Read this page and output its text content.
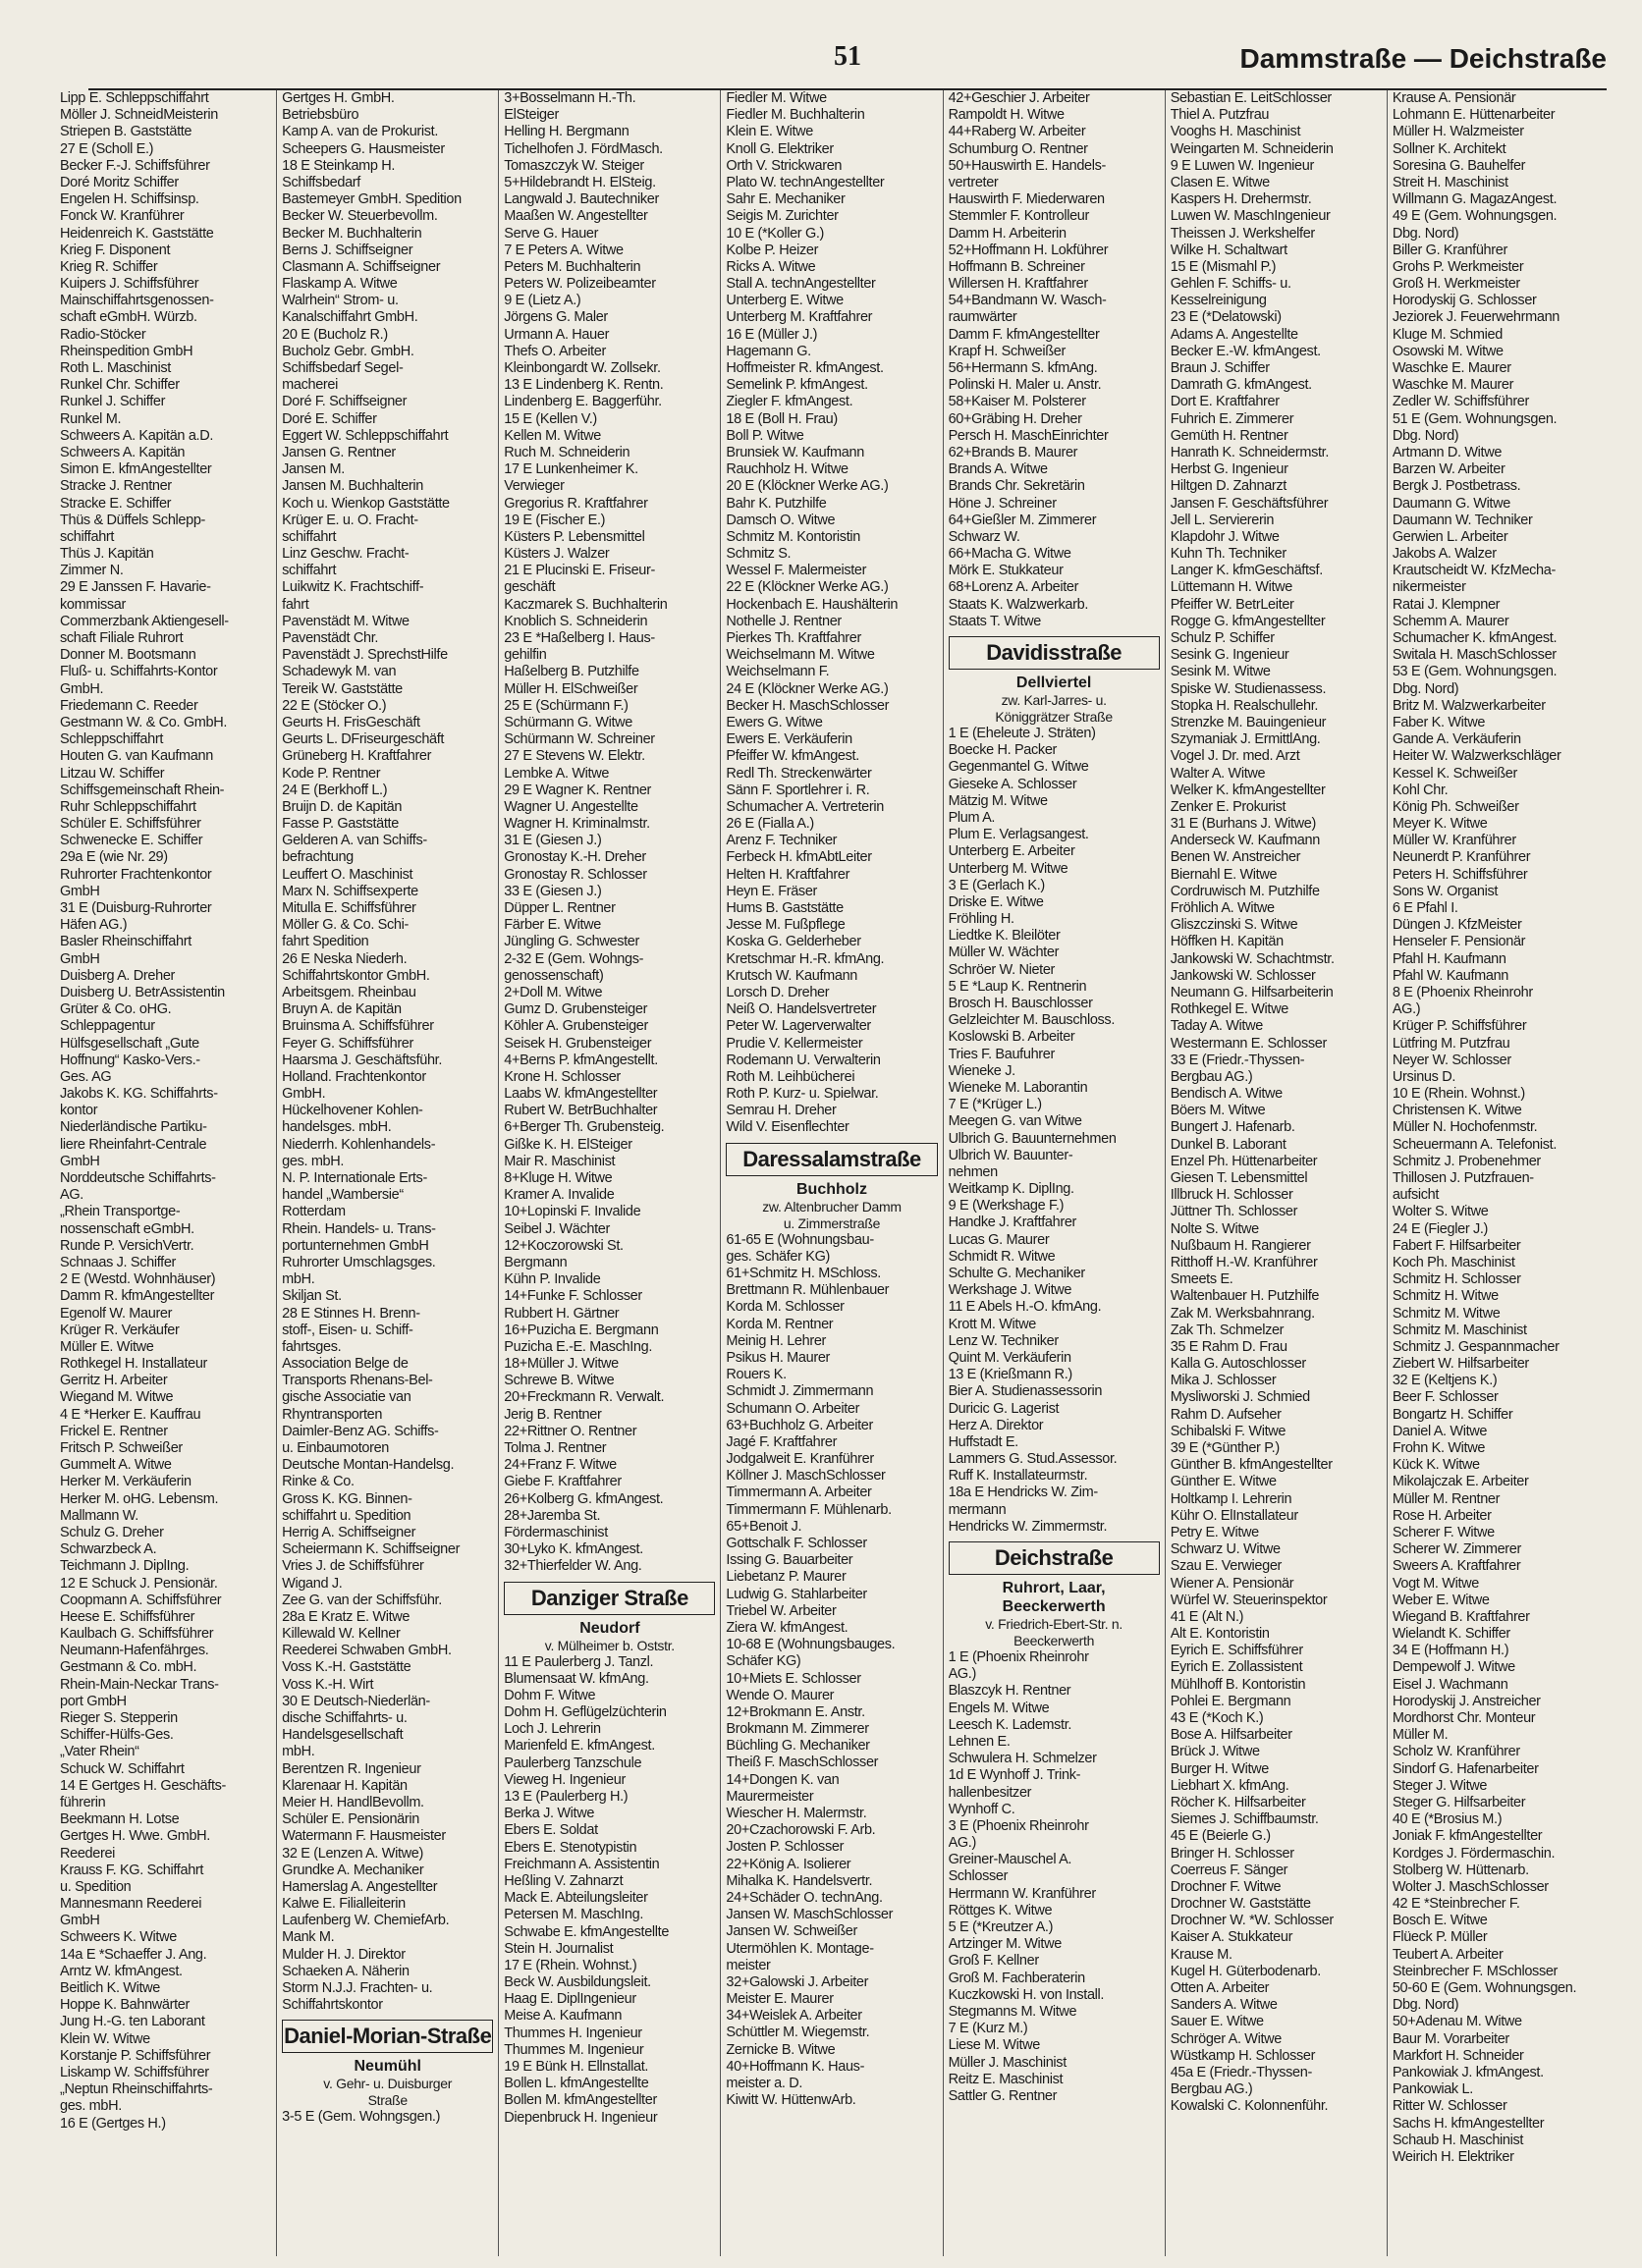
51	Dammstraße — Deichstraße
Lipp E. Schleppschiffahrt
Möller J. SchneidMeisterin
Striepen B. Gaststätte
27 E (Scholl E.)
Becker F.-J. Schiffsführer
Doré Moritz Schiffer
Engelen H. Schiffsinsp.
Fonck W. Kranführer
Heidenreich K. Gaststätte
Krieg F. Disponent
Krieg R. Schiffer
Kuipers J. Schiffsführer
Mainschiffahrtsgenossen-
schaft eGmbH. Würzb.
Radio-Stöcker
Rheinspedition GmbH
Roth L. Maschinist
Runkel Chr. Schiffer
Runkel J. Schiffer
Runkel M.
Schweers A. Kapitän a.D.
Schweers A. Kapitän
Simon E. kfmAngestellter
Stracke J. Rentner
Stracke E. Schiffer
Thüs & Düffels Schlepp-
schiffahrt
Thüs J. Kapitän
Zimmer N.
29 E Janssen F. Havarie-
kommissar
Commerzbank Aktiengesell-
schaft Filiale Ruhrort
Donner M. Bootsmann
Fluß- u. Schiffahrts-Kontor
GmbH.
Friedemann C. Reeder
Gestmann W. & Co. GmbH.
Schleppschiffahrt
Houten G. van Kaufmann
Litzau W. Schiffer
Schiffsgemeinschaft Rhein-
Ruhr Schleppschiffahrt
Schüler E. Schiffsführer
Schwenecke E. Schiffer
29a E (wie Nr. 29)
Ruhrorter Frachtenkontor
GmbH
31 E (Duisburg-Ruhrorter
Häfen AG.)
Basler Rheinschiffahrt
GmbH
Duisberg A. Dreher
Duisberg U. BetrAssistentin
Grüter & Co. oHG.
Schleppagentur
Hülfsgesellschaft „Gute
Hoffnung“ Kasko-Vers.-
Ges. AG
Jakobs K. KG. Schiffahrts-
kontor
Niederländische Partiku-
liere Rheinfahrt-Centrale
GmbH
Norddeutsche Schiffahrts-
AG.
„Rhein Transportge-
nossenschaft eGmbH.
Runde P. VersichVertr.
Schnaas J. Schiffer
2 E (Westd. Wohnhäuser)
Damm R. kfmAngestellter
Egenolf W. Maurer
Krüger R. Verkäufer
Müller E. Witwe
Rothkegel H. Installateur
Gerritz H. Arbeiter
Wiegand M. Witwe
4 E *Herker E. Kauffrau
Frickel E. Rentner
Fritsch P. Schweißer
Gummelt A. Witwe
Herker M. Verkäuferin
Herker M. oHG. Lebensm.
Mallmann W.
Schulz G. Dreher
Schwarzbeck A.
Teichmann J. DiplIng.
12 E Schuck J. Pensionär.
Coopmann A. Schiffsführer
Heese E. Schiffsführer
Kaulbach G. Schiffsführer
Neumann-Hafenfährges.
Gestmann & Co. mbH.
Rhein-Main-Neckar Trans-
port GmbH
Rieger S. Stepperin
Schiffer-Hülfs-Ges.
„Vater Rhein“
Schuck W. Schiffahrt
14 E Gertges H. Geschäfts-
führerin
Beekmann H. Lotse
Gertges H. Wwe. GmbH.
Reederei
Krauss F. KG. Schiffahrt
u. Spedition
Mannesmann Reederei
GmbH
Schweers K. Witwe
14a E *Schaeffer J. Ang.
Arntz W. kfmAngest.
Beitlich K. Witwe
Hoppe K. Bahnwärter
Jung H.-G. ten Laborant
Klein W. Witwe
Korstanje P. Schiffsführer
Liskamp W. Schiffsführer
„Neptun Rheinschiffahrts-
ges. mbH.
16 E (Gertges H.)
Gertges H. GmbH.
Betriebsbüro
Kamp A. van de Prokurist.
Scheepers G. Hausmeister
18 E Steinkamp H.
Schiffsbedarf
Bastemeyer GmbH. Spedition
Becker W. Steuerbevollm.
Becker M. Buchhalterin
Berns J. Schiffseigner
Clasmann A. Schiffseigner
Flaskamp A. Witwe
Walrhein“ Strom- u.
Kanalschiffahrt GmbH.
20 E (Bucholz R.)
Bucholz Gebr. GmbH.
Schiffsbedarf Segel-
macherei
Doré F. Schiffseigner
Doré E. Schiffer
Eggert W. Schleppschiffahrt
Jansen G. Rentner
Jansen M.
Jansen M. Buchhalterin
Koch u. Wienkop Gaststätte
Krüger E. u. O. Fracht-
schiffahrt
Linz Geschw. Fracht-
schiffahrt
Luikwitz K. Frachtschiff-
fahrt
Pavenstädt M. Witwe
Pavenstädt Chr.
Pavenstädt J. SprechstHilfe
Schadewyk M. van
Tereik W. Gaststätte
22 E (Stöcker O.)
Geurts H. FrisGeschäft
Geurts L. DFriseurgeschäft
Grüneberg H. Kraftfahrer
Kode P. Rentner
24 E (Berkhoff L.)
Bruijn D. de Kapitän
Fasse P. Gaststätte
Gelderen A. van Schiffs-
befrachtung
Leuffert O. Maschinist
Marx N. Schiffsexperte
Mitulla E. Schiffsführer
Möller G. & Co. Schi-
fahrt Spedition
26 E Neska Niederh.
Schiffahrtskontor GmbH.
Arbeitsgem. Rheinbau
Bruyn A. de Kapitän
Bruinsma A. Schiffsführer
Feyer G. Schiffsführer
Haarsma J. Geschäftsführ.
Holland. Frachtenkontor
GmbH.
Hückelhovener Kohlen-
handelsges. mbH.
Niederrh. Kohlenhandels-
ges. mbH.
N. P. Internationale Erts-
handel „Wambersie“
Rotterdam
Rhein. Handels- u. Trans-
portunternehmen GmbH
Ruhrorter Umschlagsges.
mbH.
Skiljan St.
28 E Stinnes H. Brenn-
stoff-, Eisen- u. Schiff-
fahrtsges.
Association Belge de
Transports Rhenans-Bel-
gische Associatie van
Rhyntransporten
Daimler-Benz AG. Schiffs-
u. Einbaumotoren
Deutsche Montan-Handelsg.
Rinke & Co.
Gross K. KG. Binnen-
schiffahrt u. Spedition
Herrig A. Schiffseigner
Scheiermann K. Schiffseigner
Vries J. de Schiffsführer
Wigand J.
Zee G. van der Schiffsführ.
28a E Kratz E. Witwe
Killewald W. Kellner
Reederei Schwaben GmbH.
Voss K.-H. Gaststätte
Voss K.-H. Wirt
30 E Deutsch-Niederlän-
dische Schiffahrts- u.
Handelsgesellschaft
mbH.
Berentzen R. Ingenieur
Klarenaar H. Kapitän
Meier H. HandlBevollm.
Schüler E. Pensionärin
Watermann F. Hausmeister
32 E (Lenzen A. Witwe)
Grundke A. Mechaniker
Hamerslag A. Angestellter
Kalwe E. Filialleiterin
Laufenberg W. ChemiefArb.
Mank M.
Mulder H. J. Direktor
Schaeken A. Näherin
Storm N.J.J. Frachten- u.
Schiffahrtskontor
Daniel-Morian-Straße
Neumühl
v. Gehr- u. Duisburger
Straße
3-5 E (Gem. Wohngsgen.)
3+Bosselmann H.-Th.
ElSteiger
Helling H. Bergmann
Tichelhofen J. FördMasch.
Tomaszczyk W. Steiger
5+Hildebrandt H. ElSteig.
Langwald J. Bautechniker
Maaßen W. Angestellter
Serve G. Hauer
7 E Peters A. Witwe
Peters M. Buchhalterin
Peters W. Polizeibeamter
9 E (Lietz A.)
Jörgens G. Maler
Urmann A. Hauer
Thefs O. Arbeiter
Kleinbongardt W. Zollsekr.
13 E Lindenberg K. Rentn.
Lindenberg E. Baggerführ.
15 E (Kellen V.)
Kellen M. Witwe
Ruch M. Schneiderin
17 E Lunkenheimer K.
Verwieger
Gregorius R. Kraftfahrer
19 E (Fischer E.)
Küsters P. Lebensmittel
Küsters J. Walzer
21 E Plucinski E. Friseur-
geschäft
Kaczmarek S. Buchhalterin
Knoblich S. Schneiderin
23 E *Haßelberg I. Haus-
gehilfin
Haßelberg B. Putzhilfe
Müller H. ElSchweißer
25 E (Schürmann F.)
Schürmann G. Witwe
Schürmann W. Schreiner
27 E Stevens W. Elektr.
Lembke A. Witwe
29 E Wagner K. Rentner
Wagner U. Angestellte
Wagner H. Kriminalmstr.
31 E (Giesen J.)
Gronostay K.-H. Dreher
Gronostay R. Schlosser
33 E (Giesen J.)
Düpper L. Rentner
Färber E. Witwe
Jüngling G. Schwester
2-32 E (Gem. Wohngs-
genossenschaft)
2+Doll M. Witwe
Gumz D. Grubensteiger
Köhler A. Grubensteiger
Seisek H. Grubensteiger
4+Berns P. kfmAngestellt.
Krone H. Schlosser
Laabs W. kfmAngestellter
Rubert W. BetrBuchhalter
6+Berger Th. Grubensteig.
Gißke K. H. ElSteiger
Mair R. Maschinist
8+Kluge H. Witwe
Kramer A. Invalide
10+Lopinski F. Invalide
Seibel J. Wächter
12+Koczorowski St.
Bergmann
Kühn P. Invalide
14+Funke F. Schlosser
Rubbert H. Gärtner
16+Puzicha E. Bergmann
Puzicha E.-E. MaschIng.
18+Müller J. Witwe
Schrewe B. Witwe
20+Freckmann R. Verwalt.
Jerig B. Rentner
22+Rittner O. Rentner
Tolma J. Rentner
24+Franz F. Witwe
Giebe F. Kraftfahrer
26+Kolberg G. kfmAngest.
28+Jaremba St.
Fördermaschinist
30+Lyko K. kfmAngest.
32+Thierfelder W. Ang.
Danziger Straße
Neudorf
v. Mülheimer b. Oststr.
11 E Paulerberg J. Tanzl.
Blumensaat W. kfmAng.
Dohm F. Witwe
Dohm H. Geflügelzüchterin
Loch J. Lehrerin
Marienfeld E. kfmAngest.
Paulerberg Tanzschule
Vieweg H. Ingenieur
13 E (Paulerberg H.)
Berka J. Witwe
Ebers E. Soldat
Ebers E. Stenotypistin
Freichmann A. Assistentin
Heßling V. Zahnarzt
Mack E. Abteilungsleiter
Petersen M. MaschIng.
Schwabe E. kfmAngestellte
Stein H. Journalist
17 E (Rhein. Wohnst.)
Beck W. Ausbildungsleit.
Haag E. DiplIngenieur
Meise A. Kaufmann
Thummes H. Ingenieur
Thummes M. Ingenieur
19 E Bünk H. Ellnstallat.
Bollen L. kfmAngestellte
Bollen M. kfmAngestellter
Diepenbruck H. Ingenieur
Fiedler M. Witwe
Fiedler M. Buchhalterin
Klein E. Witwe
Knoll G. Elektriker
Orth V. Strickwaren
Plato W. technAngestellter
Sahr E. Mechaniker
Seigis M. Zurichter
10 E (*Koller G.)
Kolbe P. Heizer
Ricks A. Witwe
Stall A. technAngestellter
Unterberg E. Witwe
Unterberg M. Kraftfahrer
16 E (Müller J.)
Hagemann G.
Hoffmeister R. kfmAngest.
Semelink P. kfmAngest.
Ziegler F. kfmAngest.
18 E (Boll H. Frau)
Boll P. Witwe
Brunsiek W. Kaufmann
Rauchholz H. Witwe
20 E (Klöckner Werke AG.)
Bahr K. Putzhilfe
Damsch O. Witwe
Schmitz M. Kontoristin
Schmitz S.
Wessel F. Malermeister
22 E (Klöckner Werke AG.)
Hockenbach E. Haushälterin
Nothelle J. Rentner
Pierkes Th. Kraftfahrer
Weichselmann M. Witwe
Weichselmann F.
24 E (Klöckner Werke AG.)
Becker H. MaschSchlosser
Ewers G. Witwe
Ewers E. Verkäuferin
Pfeiffer W. kfmAngest.
Redl Th. Streckenwärter
Sänn F. Sportlehrer i. R.
Schumacher A. Vertreterin
26 E (Fialla A.)
Arenz F. Techniker
Ferbeck H. kfmAbtLeiter
Helten H. Kraftfahrer
Heyn E. Fräser
Hums B. Gaststätte
Jesse M. Fußpflege
Koska G. Gelderheber
Kretschmar H.-R. kfmAng.
Krutsch W. Kaufmann
Lorsch D. Dreher
Neiß O. Handelsvertreter
Peter W. Lagerverwalter
Prudie V. Kellermeister
Rodemann U. Verwalterin
Roth M. Leihbücherei
Roth P. Kurz- u. Spielwar.
Semrau H. Dreher
Wild V. Eisenflechter
Daressalamstraße
Buchholz
zw. Altenbrucher Damm
u. Zimmerstraße
61-65 E (Wohnungsbau-
ges. Schäfer KG)
61+Schmitz H. MSchloss.
Brettmann R. Mühlenbauer
Korda M. Schlosser
Korda M. Rentner
Meinig H. Lehrer
Psikus H. Maurer
Rouers K.
Schmidt J. Zimmermann
Schumann O. Arbeiter
63+Buchholz G. Arbeiter
Jagé F. Kraftfahrer
Jodgalweit E. Kranführer
Köllner J. MaschSchlosser
Timmermann A. Arbeiter
Timmermann F. Mühlenarb.
65+Benoit J.
Gottschalk F. Schlosser
Issing G. Bauarbeiter
Liebetanz P. Maurer
Ludwig G. Stahlarbeiter
Triebel W. Arbeiter
Ziera W. kfmAngest.
10-68 E (Wohnungsbauges.
Schäfer KG)
10+Miets E. Schlosser
Wende O. Maurer
12+Brokmann E. Anstr.
Brokmann M. Zimmerer
Büchling G. Mechaniker
Theiß F. MaschSchlosser
14+Dongen K. van
Maurermeister
Wiescher H. Malermstr.
20+Czachorowski F. Arb.
Josten P. Schlosser
22+König A. Isolierer
Mihalka K. Handelsvertr.
24+Schäder O. technAng.
Jansen W. MaschSchlosser
Jansen W. Schweißer
Utermöhlen K. Montage-
meister
32+Galowski J. Arbeiter
Meister E. Maurer
34+Weislek A. Arbeiter
Schüttler M. Wiegemstr.
Zernicke B. Witwe
40+Hoffmann K. Haus-
meister a. D.
Kiwitt W. HüttenwArb.
42+Geschier J. Arbeiter
Rampoldt H. Witwe
44+Raberg W. Arbeiter
Schumburg O. Rentner
50+Hauswirth E. Handels-
vertreter
Hauswirth F. Miederwaren
Stemmler F. Kontrolleur
Damm H. Arbeiterin
52+Hoffmann H. Lokführer
Hoffmann B. Schreiner
Willersen H. Kraftfahrer
54+Bandmann W. Wasch-
raumwärter
Damm F. kfmAngestellter
Krapf H. Schweißer
56+Hermann S. kfmAng.
Polinski H. Maler u. Anstr.
58+Kaiser M. Polsterer
60+Gräbing H. Dreher
Persch H. MaschEinrichter
62+Brands B. Maurer
Brands A. Witwe
Brands Chr. Sekretärin
Höne J. Schreiner
64+Gießler M. Zimmerer
Schwarz W.
66+Macha G. Witwe
Mörk E. Stukkateur
68+Lorenz A. Arbeiter
Staats K. Walzwerkarb.
Staats T. Witwe
Davidisstraße
Dellviertel
zw. Karl-Jarres- u.
Königgrätzer Straße
1 E (Eheleute J. Sträten)
Boecke H. Packer
Gegenmantel G. Witwe
Gieseke A. Schlosser
Mätzig M. Witwe
Plum A.
Plum E. Verlagsangest.
Unterberg E. Arbeiter
Unterberg M. Witwe
3 E (Gerlach K.)
Driske E. Witwe
Fröhling H.
Liedtke K. Bleilöter
Müller W. Wächter
Schröer W. Nieter
5 E *Laup K. Rentnerin
Brosch H. Bauschlosser
Gelzleichter M. Bauschloss.
Koslowski B. Arbeiter
Tries F. Baufuhrer
Wieneke J.
Wieneke M. Laborantin
7 E (*Krüger L.)
Meegen G. van Witwe
Ulbrich G. Bauunternehmen
Ulbrich W. Bauunter-
nehmen
Weitkamp K. DiplIng.
9 E (Werkshage F.)
Handke J. Kraftfahrer
Lucas G. Maurer
Schmidt R. Witwe
Schulte G. Mechaniker
Werkshage J. Witwe
11 E Abels H.-O. kfmAng.
Krott M. Witwe
Lenz W. Techniker
Quint M. Verkäuferin
13 E (Krießmann R.)
Bier A. Studienassessorin
Duricic G. Lagerist
Herz A. Direktor
Huffstadt E.
Lammers G. Stud.Assessor.
Ruff K. Installateurmstr.
18a E Hendricks W. Zim-
mermann
Hendricks W. Zimmermstr.
Deichstraße
Ruhrort, Laar,
Beeckerwerth
v. Friedrich-Ebert-Str. n.
Beeckerwerth
1 E (Phoenix Rheinrohr
AG.)
Blaszcyk H. Rentner
Engels M. Witwe
Leesch K. Lademstr.
Lehnen E.
Schwulera H. Schmelzer
1d E Wynhoff J. Trink-
hallenbesitzer
Wynhoff C.
3 E (Phoenix Rheinrohr
AG.)
Greiner-Mauschel A.
Schlosser
Herrmann W. Kranführer
Röttges K. Witwe
5 E (*Kreutzer A.)
Artzinger M. Witwe
Groß F. Kellner
Groß M. Fachberaterin
Kuczkowski H. von Install.
Stegmanns M. Witwe
7 E (Kurz M.)
Liese M. Witwe
Müller J. Maschinist
Reitz E. Maschinist
Sattler G. Rentner
Sebastian E. LeitSchlosser
Thiel A. Putzfrau
Vooghs H. Maschinist
Weingarten M. Schneiderin
9 E Luwen W. Ingenieur
Clasen E. Witwe
Kaspers H. Drehermstr.
Luwen W. MaschIngenieur
Theissen J. Werkshelfer
Wilke H. Schaltwart
15 E (Mismahl P.)
Gehlen F. Schiffs- u.
Kesselreinigung
23 E (*Delatowski)
Adams A. Angestellte
Becker E.-W. kfmAngest.
Braun J. Schiffer
Damrath G. kfmAngest.
Dort E. Kraftfahrer
Fuhrich E. Zimmerer
Gemüth H. Rentner
Hanrath K. Schneidermstr.
Herbst G. Ingenieur
Hiltgen D. Zahnarzt
Jansen F. Geschäftsführer
Jell L. Serviererin
Klapdohr J. Witwe
Kuhn Th. Techniker
Langer K. kfmGeschäftsf.
Lüttemann H. Witwe
Pfeiffer W. BetrLeiter
Rogge G. kfmAngestellter
Schulz P. Schiffer
Sesink G. Ingenieur
Sesink M. Witwe
Spiske W. Studienassess.
Stopka H. Realschullehr.
Strenzke M. Bauingenieur
Szymaniak J. ErmittlAng.
Vogel J. Dr. med. Arzt
Walter A. Witwe
Welker K. kfmAngestellter
Zenker E. Prokurist
31 E (Burhans J. Witwe)
Anderseck W. Kaufmann
Benen W. Anstreicher
Biernahl E. Witwe
Cordruwisch M. Putzhilfe
Fröhlich A. Witwe
Gliszczinski S. Witwe
Höffken H. Kapitän
Jankowski W. Schachtmstr.
Jankowski W. Schlosser
Neumann G. Hilfsarbeiterin
Rothkegel E. Witwe
Taday A. Witwe
Westermann E. Schlosser
33 E (Friedr.-Thyssen-
Bergbau AG.)
Bendisch A. Witwe
Böers M. Witwe
Bungert J. Hafenarb.
Dunkel B. Laborant
Enzel Ph. Hüttenarbeiter
Giesen T. Lebensmittel
Illbruck H. Schlosser
Jüttner Th. Schlosser
Nolte S. Witwe
Nußbaum H. Rangierer
Ritthoff H.-W. Kranführer
Smeets E.
Waltenbauer H. Putzhilfe
Zak M. Werksbahnrang.
Zak Th. Schmelzer
35 E Rahm D. Frau
Kalla G. Autoschlosser
Mika J. Schlosser
Mysliworski J. Schmied
Rahm D. Aufseher
Schibalski F. Witwe
39 E (*Günther P.)
Günther B. kfmAngestellter
Günther E. Witwe
Holtkamp I. Lehrerin
Kühr O. ElInstallateur
Petry E. Witwe
Schwarz U. Witwe
Szau E. Verwieger
Wiener A. Pensionär
Würfel W. Steuerinspektor
41 E (Alt N.)
Alt E. Kontoristin
Eyrich E. Schiffsführer
Eyrich E. Zollassistent
Mühlhoff B. Kontoristin
Pohlei E. Bergmann
43 E (*Koch K.)
Bose A. Hilfsarbeiter
Brück J. Witwe
Burger H. Witwe
Liebhart X. kfmAng.
Röcher K. Hilfsarbeiter
Siemes J. Schiffbaumstr.
45 E (Beierle G.)
Bringer H. Schlosser
Coerreus F. Sänger
Drochner F. Witwe
Drochner W. Gaststätte
Drochner W. *W. Schlosser
Kaiser A. Stukkateur
Krause M.
Kugel H. Güterbodenarb.
Otten A. Arbeiter
Sanders A. Witwe
Sauer E. Witwe
Schröger A. Witwe
Wüstkamp H. Schlosser
45a E (Friedr.-Thyssen-
Bergbau AG.)
Kowalski C. Kolonnenführ.
Krause A. Pensionär
Lohmann E. Hüttenarbeiter
Müller H. Walzmeister
Sollner K. Architekt
Soresina G. Bauhelfer
Streit H. Maschinist
Willmann G. MagazAngest.
49 E (Gem. Wohnungsgen.
Dbg. Nord)
Biller G. Kranführer
Grohs P. Werkmeister
Groß H. Werkmeister
Horodyskij G. Schlosser
Jeziorek J. Feuerwehrmann
Kluge M. Schmied
Osowski M. Witwe
Waschke E. Maurer
Waschke M. Maurer
Zedler W. Schiffsführer
51 E (Gem. Wohnungsgen.
Dbg. Nord)
Artmann D. Witwe
Barzen W. Arbeiter
Bergk J. Postbetrass.
Daumann G. Witwe
Daumann W. Techniker
Gerwien L. Arbeiter
Jakobs A. Walzer
Krautscheidt W. KfzMecha-
nikermeister
Ratai J. Klempner
Schemm A. Maurer
Schumacher K. kfmAngest.
Switala H. MaschSchlosser
53 E (Gem. Wohnungsgen.
Dbg. Nord)
Britz M. Walzwerkarbeiter
Faber K. Witwe
Gande A. Verkäuferin
Heiter W. Walzwerkschläger
Kessel K. Schweißer
Kohl Chr.
König Ph. Schweißer
Meyer K. Witwe
Müller W. Kranführer
Neunerdt P. Kranführer
Peters H. Schiffsführer
Sons W. Organist
6 E Pfahl I.
Düngen J. KfzMeister
Henseler F. Pensionär
Pfahl H. Kaufmann
Pfahl W. Kaufmann
8 E (Phoenix Rheinrohr
AG.)
Krüger P. Schiffsführer
Lütfring M. Putzfrau
Neyer W. Schlosser
Ursinus D.
10 E (Rhein. Wohnst.)
Christensen K. Witwe
Müller N. Hochofenmstr.
Scheuermann A. Telefonist.
Schmitz J. Probenehmer
Thillosen J. Putzfrauen-
aufsicht
Wolter S. Witwe
24 E (Fiegler J.)
Fabert F. Hilfsarbeiter
Koch Ph. Maschinist
Schmitz H. Schlosser
Schmitz H. Witwe
Schmitz M. Witwe
Schmitz M. Maschinist
Schmitz J. Gespannmacher
Ziebert W. Hilfsarbeiter
32 E (Keltjens K.)
Beer F. Schlosser
Bongartz H. Schiffer
Daniel A. Witwe
Frohn K. Witwe
Kück K. Witwe
Mikolajczak E. Arbeiter
Müller M. Rentner
Rose H. Arbeiter
Scherer F. Witwe
Scherer W. Zimmerer
Sweers A. Kraftfahrer
Vogt M. Witwe
Weber E. Witwe
Wiegand B. Kraftfahrer
Wielandt K. Schiffer
34 E (Hoffmann H.)
Dempewolf J. Witwe
Eisel J. Wachmann
Horodyskij J. Anstreicher
Mordhorst Chr. Monteur
Müller M.
Scholz W. Kranführer
Sindorf G. Hafenarbeiter
Steger J. Witwe
Steger G. Hilfsarbeiter
40 E (*Brosius M.)
Joniak F. kfmAngestellter
Kordges J. Fördermaschin.
Stolberg W. Hüttenarb.
Wolter J. MaschSchlosser
42 E *Steinbrecher F.
Bosch E. Witwe
Flüeck P. Müller
Teubert A. Arbeiter
Steinbrecher F. MSchlosser
50-60 E (Gem. Wohnungsgen.
Dbg. Nord)
50+Adenau M. Witwe
Baur M. Vorarbeiter
Markfort H. Schneider
Pankowiak J. kfmAngest.
Pankowiak L.
Ritter W. Schlosser
Sachs H. kfmAngestellter
Schaub H. Maschinist
Weirich H. Elektriker
